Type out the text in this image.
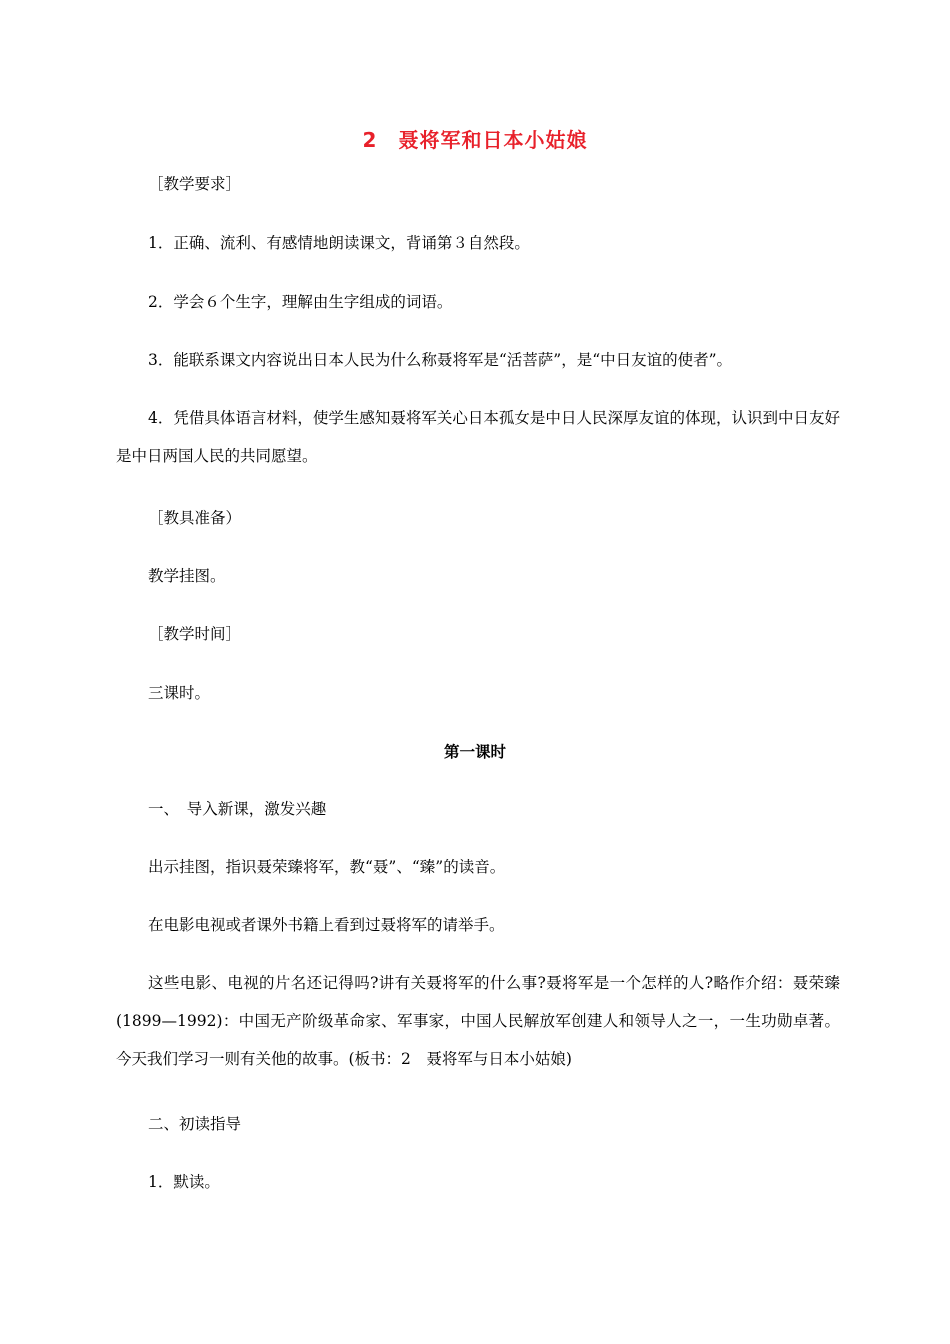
2　聂将军和日本小姑娘
［教学要求］
1．正确、流利、有感情地朗读课文，背诵第３自然段。
2．学会６个生字，理解由生字组成的词语。
3．能联系课文内容说出日本人民为什么称聂将军是“活菩萨”，是“中日友谊的使者”。
4．凭借具体语言材料，使学生感知聂将军关心日本孤女是中日人民深厚友谊的体现，认识到中日友好是中日两国人民的共同愿望。
［教具准备）
教学挂图。
［教学时间］
三课时。
第一课时
一、　导入新课，激发兴趣
出示挂图，指识聂荣臻将军，教“聂”、“臻”的读音。
在电影电视或者课外书籍上看到过聂将军的请举手。
这些电影、电视的片名还记得吗?讲有关聂将军的什么事?聂将军是一个怎样的人?略作介绍：聂荣臻(1899—1992)：中国无产阶级革命家、军事家，中国人民解放军创建人和领导人之一，一生功勋卓著。今天我们学习一则有关他的故事。(板书：2　聂将军与日本小姑娘)
二、初读指导
1．默读。
